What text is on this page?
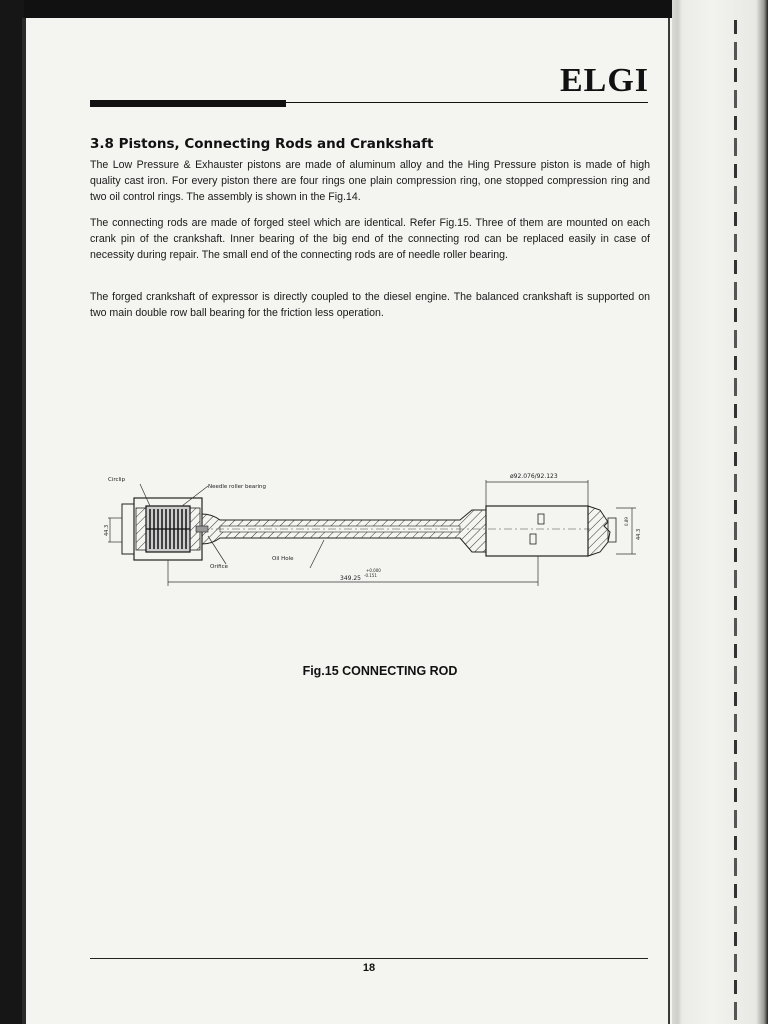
ELGI
3.8 Pistons, Connecting Rods and Crankshaft
The Low Pressure & Exhauster pistons are made of aluminum alloy and the Hing Pressure piston is made of high quality cast iron. For every piston there are four rings one plain compression ring, one stopped compression ring and two oil control rings. The assembly is shown in the Fig.14.
The connecting rods are made of forged steel which are identical. Refer Fig.15. Three of them are mounted on each crank pin of the crankshaft. Inner bearing of the big end of the connecting rod can be replaced easily in case of necessity during repair. The small end of the connecting rods are of needle roller bearing.
The forged crankshaft of expressor is directly coupled to the diesel engine. The balanced crankshaft is supported on two main double row ball bearing for the friction less operation.
Circlip
Needle roller bearing
Oil Hole
Orifice
ø92.076/92.123
349.25
+0.000
-0.151
44.3
0.89
44.3
Fig.15 CONNECTING ROD
18
